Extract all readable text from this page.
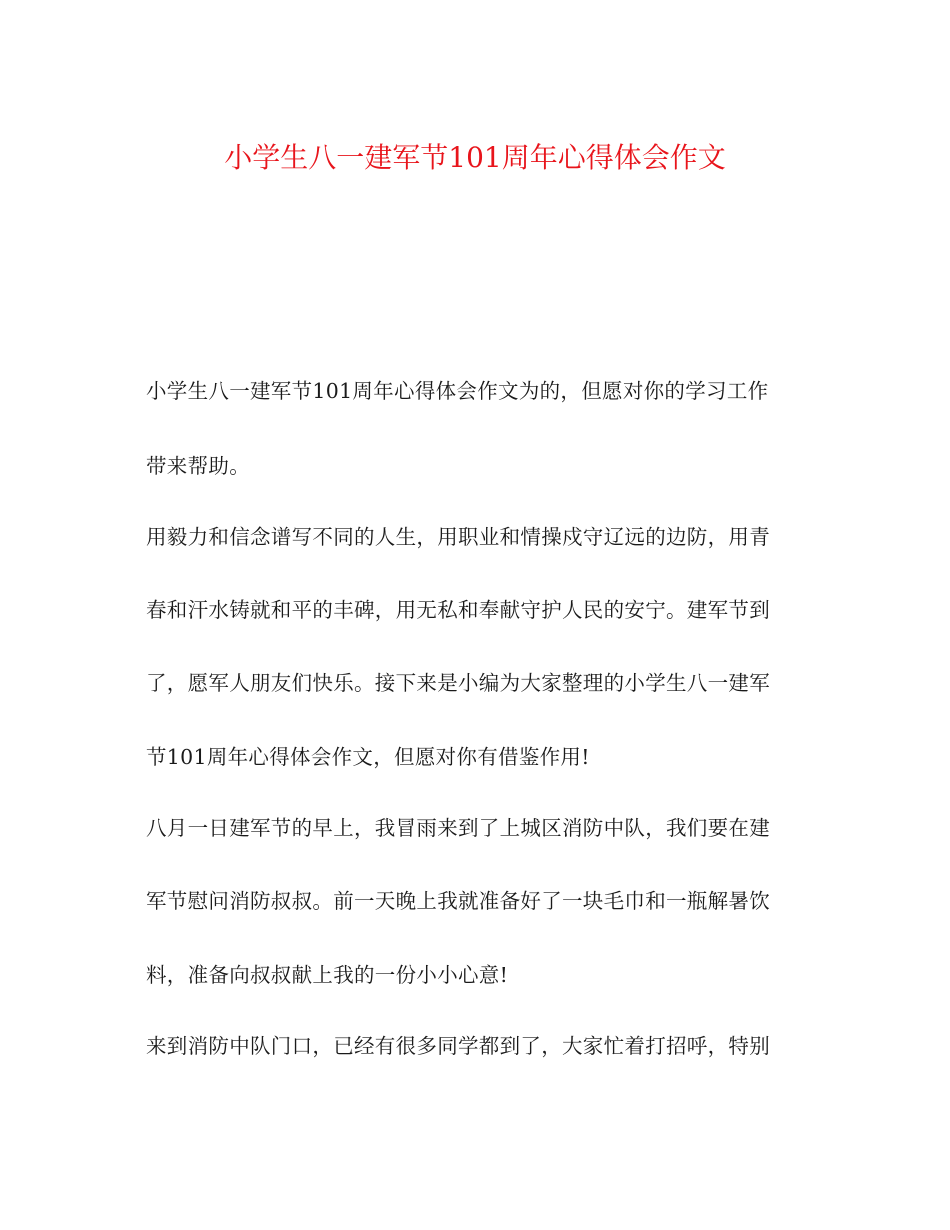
小学生八一建军节101周年心得体会作文
小学生八一建军节101周年心得体会作文为的，但愿对你的学习工作
带来帮助。
用毅力和信念谱写不同的人生，用职业和情操戍守辽远的边防，用青
春和汗水铸就和平的丰碑，用无私和奉献守护人民的安宁。建军节到
了，愿军人朋友们快乐。接下来是小编为大家整理的小学生八一建军
节101周年心得体会作文，但愿对你有借鉴作用!
八月一日建军节的早上，我冒雨来到了上城区消防中队，我们要在建
军节慰问消防叔叔。前一天晚上我就准备好了一块毛巾和一瓶解暑饮
料，准备向叔叔献上我的一份小小心意!
来到消防中队门口，已经有很多同学都到了，大家忙着打招呼，特别
